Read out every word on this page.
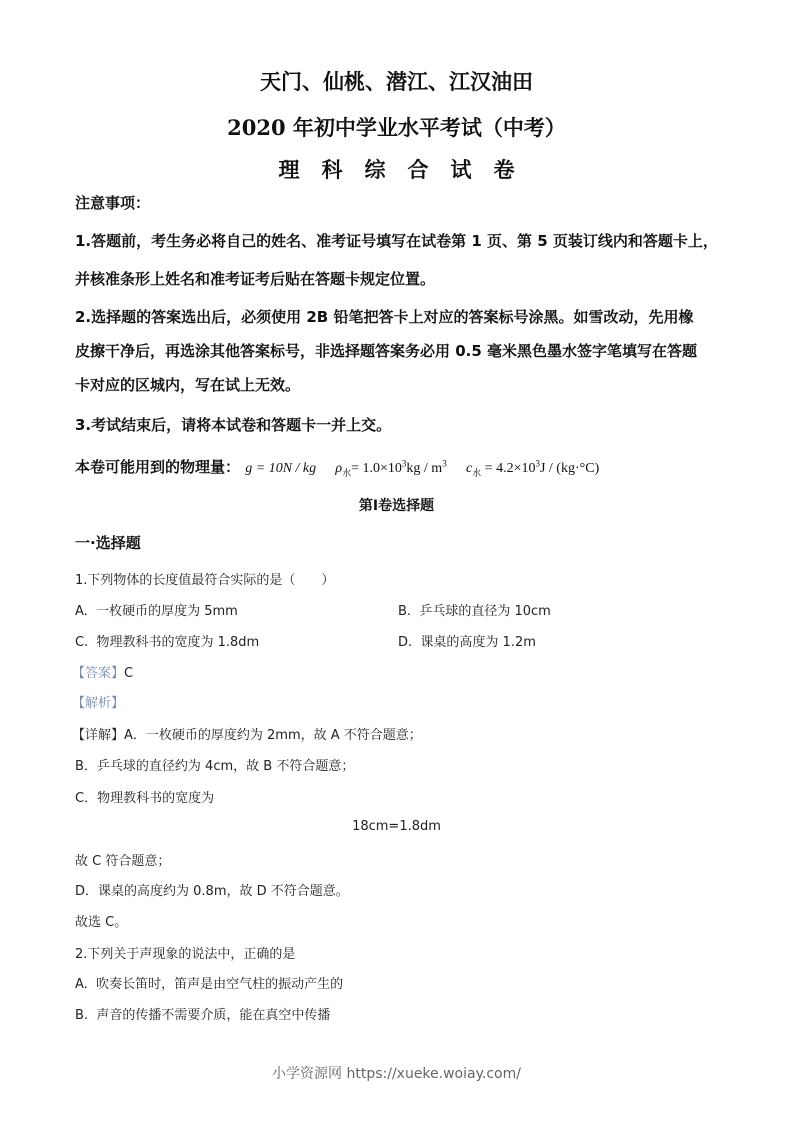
天门、仙桃、潜江、江汉油田
2020 年初中学业水平考试（中考）
理科综合试卷
注意事项：
1.答题前，考生务必将自己的姓名、准考证号填写在试卷第 1 页、第 5 页装订线内和答题卡上，
并核准条形上姓名和准考证考后贴在答题卡规定位置。
2.选择题的答案选出后，必须使用 2B 铅笔把答卡上对应的答案标号涂黑。如雪改动，先用橡
皮擦干净后，再选涂其他答案标号，非选择题答案务必用 0.5 毫米黑色墨水签字笔填写在答题
卡对应的区城内，写在试上无效。
3.考试结束后，请将本试卷和答题卡一并上交。
本卷可能用到的物理量： g = 10N / kg $\rho_水= 1.0\times 10^3kg / m^3$ $c_水 = 4.2\times 10^3J / (kg\cdot^\circ C)$
第Ⅰ卷选择题
一·选择题
1.下列物体的长度值最符合实际的是（　　）
A. 一枚硬币的厚度为 5mm	B. 乒乓球的直径为 10cm
C. 物理教科书的宽度为 1.8dm	D. 课桌的高度为 1.2m
【答案】C
【解析】
【详解】A．一枚硬币的厚度约为 2mm，故 A 不符合题意；
B．乒乓球的直径约为 4cm，故 B 不符合题意；
C．物理教科书的宽度为
18cm=1.8dm
故 C 符合题意；
D．课桌的高度约为 0.8m，故 D 不符合题意。
故选 C。
2.下列关于声现象的说法中，正确的是
A. 吹奏长笛时，笛声是由空气柱的振动产生的
B. 声音的传播不需要介质，能在真空中传播
小学资源网 https://xueke.woiay.com/
